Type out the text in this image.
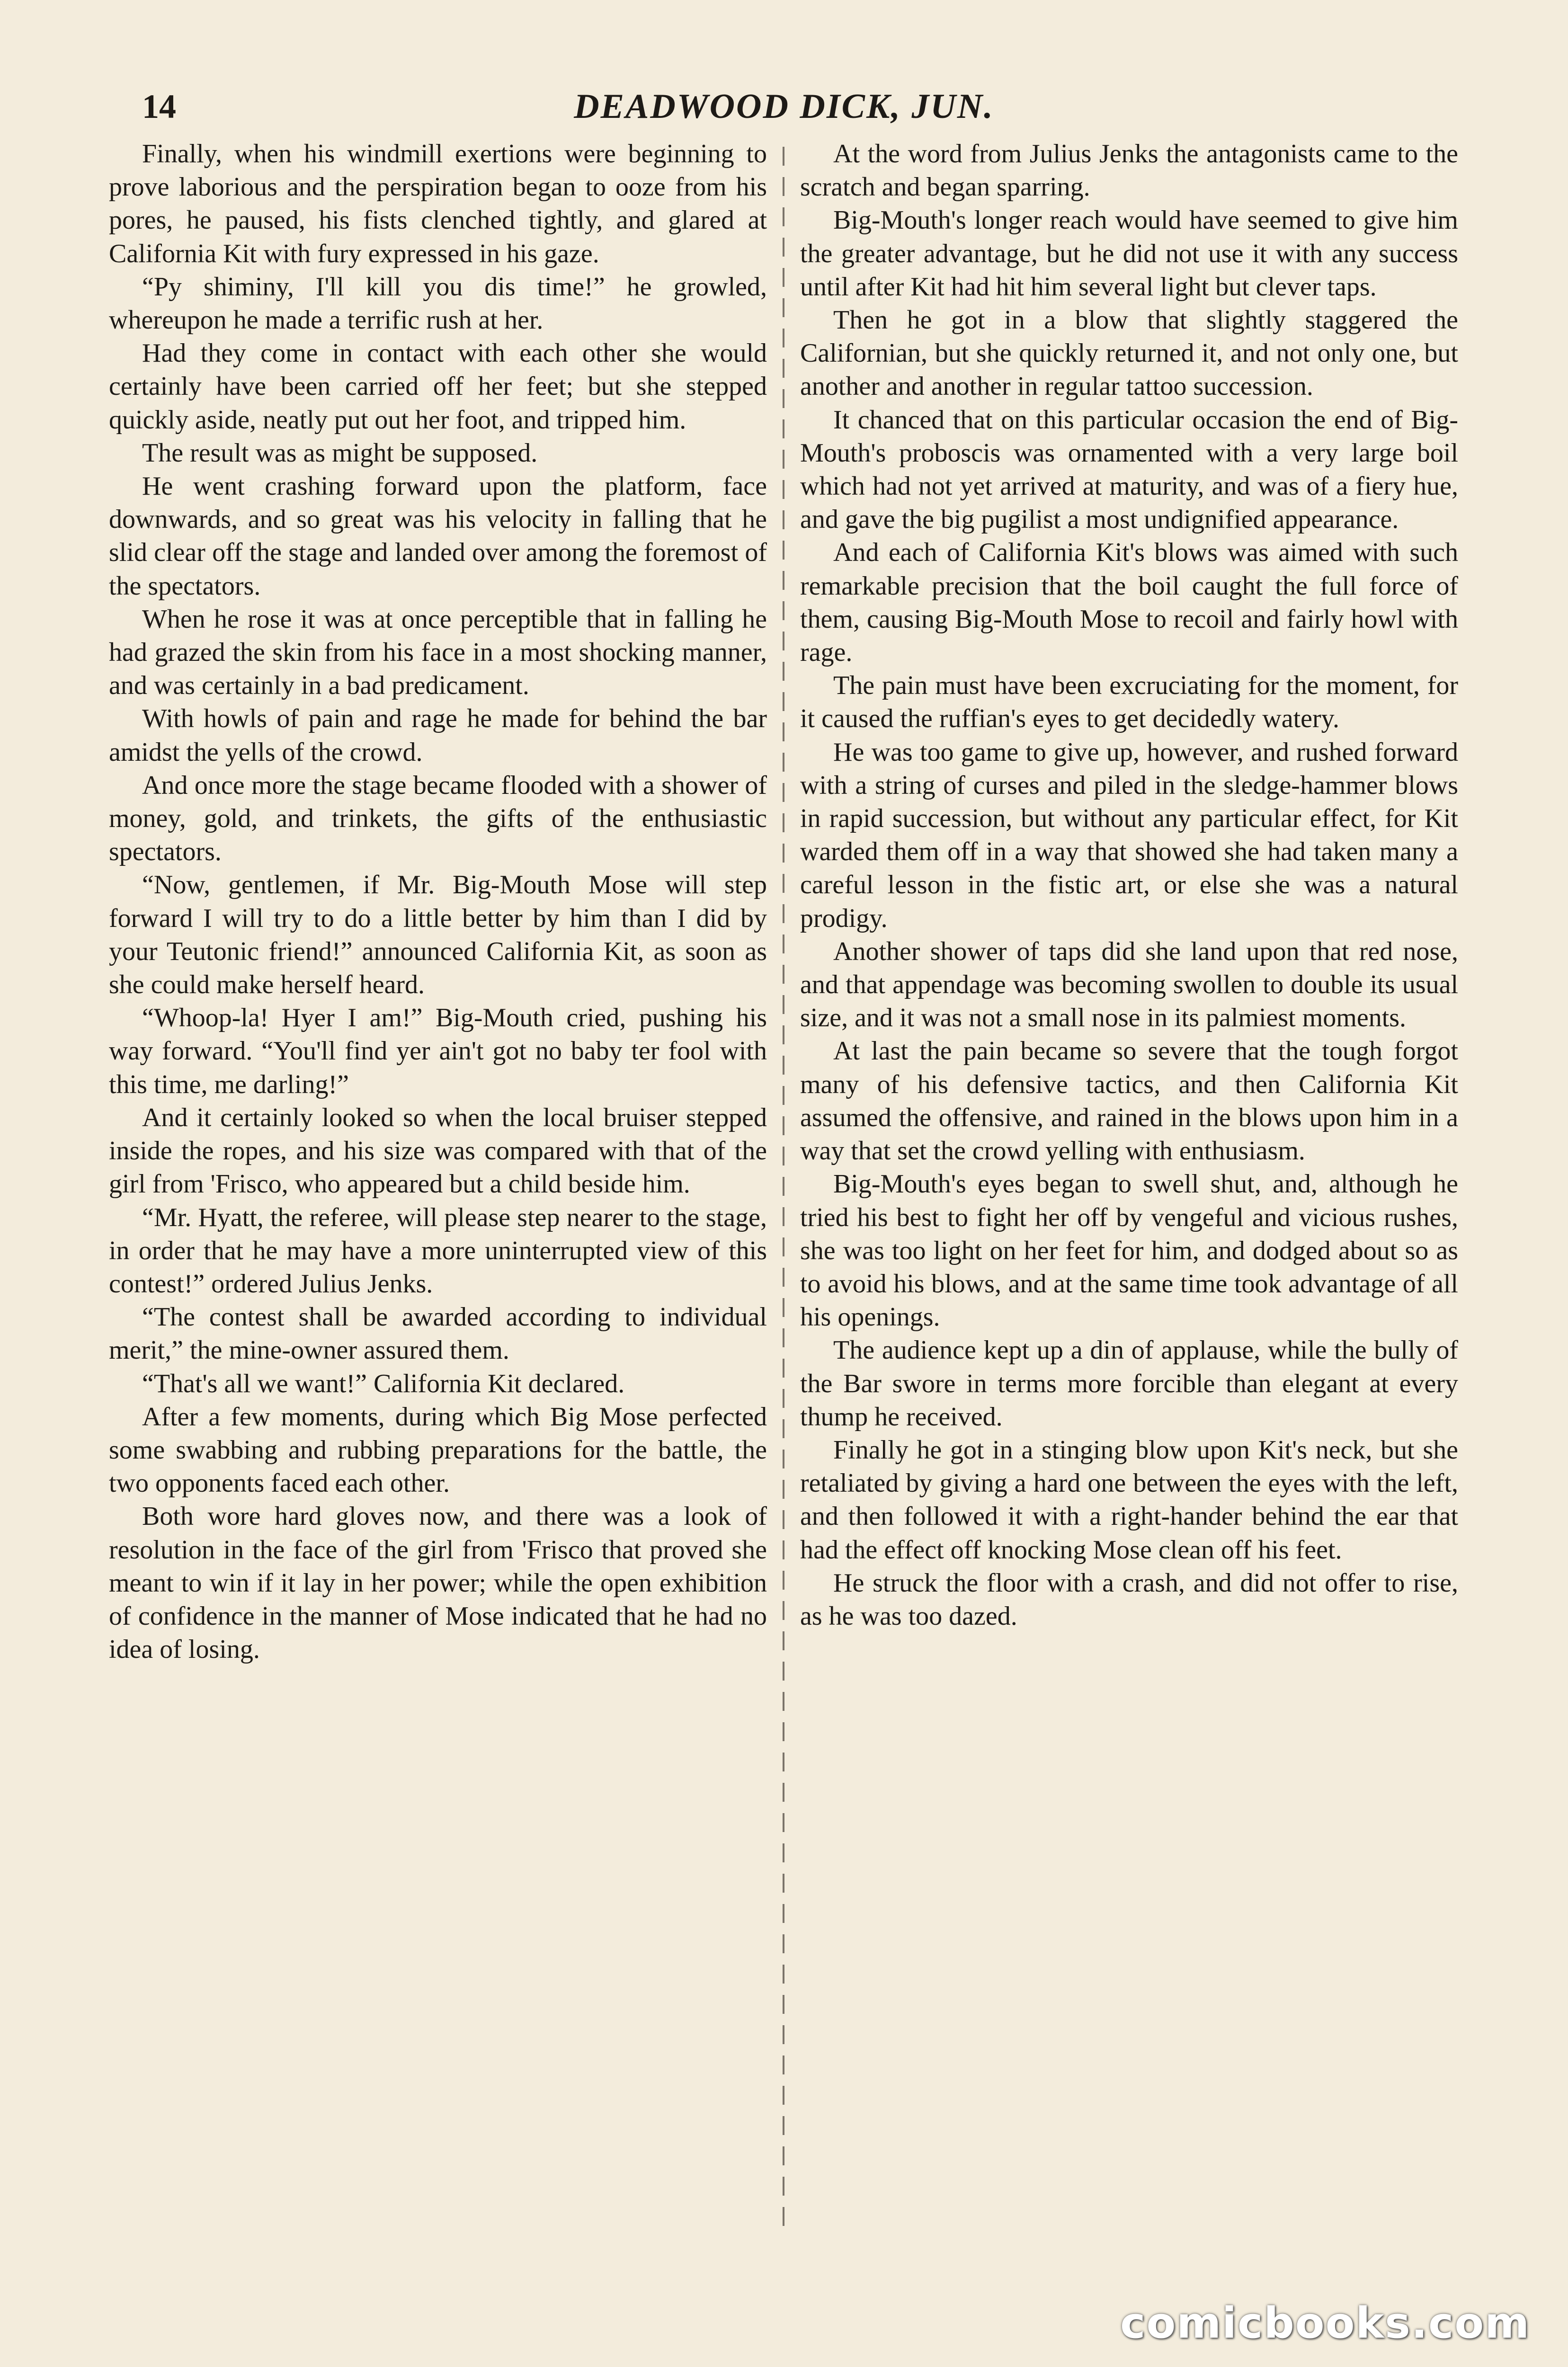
14	DEADWOOD DICK, JUN.

Finally, when his windmill exertions were beginning to prove laborious and the perspiration began to ooze from his pores, he paused, his fists clenched tightly, and glared at California Kit with fury expressed in his gaze.

“Py shiminy, I'll kill you dis time!” he growled, whereupon he made a terrific rush at her.

Had they come in contact with each other she would certainly have been carried off her feet; but she stepped quickly aside, neatly put out her foot, and tripped him.

The result was as might be supposed.

He went crashing forward upon the platform, face downwards, and so great was his velocity in falling that he slid clear off the stage and landed over among the foremost of the spectators.

When he rose it was at once perceptible that in falling he had grazed the skin from his face in a most shocking manner, and was certainly in a bad predicament.

With howls of pain and rage he made for behind the bar amidst the yells of the crowd.

And once more the stage became flooded with a shower of money, gold, and trinkets, the gifts of the enthusiastic spectators.

“Now, gentlemen, if Mr. Big-Mouth Mose will step forward I will try to do a little better by him than I did by your Teutonic friend!” announced California Kit, as soon as she could make herself heard.

“Whoop-la! Hyer I am!” Big-Mouth cried, pushing his way forward. “You'll find yer ain't got no baby ter fool with this time, me darling!”

And it certainly looked so when the local bruiser stepped inside the ropes, and his size was compared with that of the girl from 'Frisco, who appeared but a child beside him.

“Mr. Hyatt, the referee, will please step nearer to the stage, in order that he may have a more uninterrupted view of this contest!” ordered Julius Jenks.

“The contest shall be awarded according to individual merit,” the mine-owner assured them.

“That's all we want!” California Kit declared.

After a few moments, during which Big Mose perfected some swabbing and rubbing preparations for the battle, the two opponents faced each other.

Both wore hard gloves now, and there was a look of resolution in the face of the girl from 'Frisco that proved she meant to win if it lay in her power; while the open exhibition of confidence in the manner of Mose indicated that he had no idea of losing.

At the word from Julius Jenks the antagonists came to the scratch and began sparring.

Big-Mouth's longer reach would have seemed to give him the greater advantage, but he did not use it with any success until after Kit had hit him several light but clever taps.

Then he got in a blow that slightly staggered the Californian, but she quickly returned it, and not only one, but another and another in regular tattoo succession.

It chanced that on this particular occasion the end of Big-Mouth's proboscis was ornamented with a very large boil which had not yet arrived at maturity, and was of a fiery hue, and gave the big pugilist a most undignified appearance.

And each of California Kit's blows was aimed with such remarkable precision that the boil caught the full force of them, causing Big-Mouth Mose to recoil and fairly howl with rage.

The pain must have been excruciating for the moment, for it caused the ruffian's eyes to get decidedly watery.

He was too game to give up, however, and rushed forward with a string of curses and piled in the sledge-hammer blows in rapid succession, but without any particular effect, for Kit warded them off in a way that showed she had taken many a careful lesson in the fistic art, or else she was a natural prodigy.

Another shower of taps did she land upon that red nose, and that appendage was becoming swollen to double its usual size, and it was not a small nose in its palmiest moments.

At last the pain became so severe that the tough forgot many of his defensive tactics, and then California Kit assumed the offensive, and rained in the blows upon him in a way that set the crowd yelling with enthusiasm.

Big-Mouth's eyes began to swell shut, and, although he tried his best to fight her off by vengeful and vicious rushes, she was too light on her feet for him, and dodged about so as to avoid his blows, and at the same time took advantage of all his openings.

The audience kept up a din of applause, while the bully of the Bar swore in terms more forcible than elegant at every thump he received.

Finally he got in a stinging blow upon Kit's neck, but she retaliated by giving a hard one between the eyes with the left, and then followed it with a right-hander behind the ear that had the effect off knocking Mose clean off his feet.

He struck the floor with a crash, and did not offer to rise, as he was too dazed.

comicbooks.com
